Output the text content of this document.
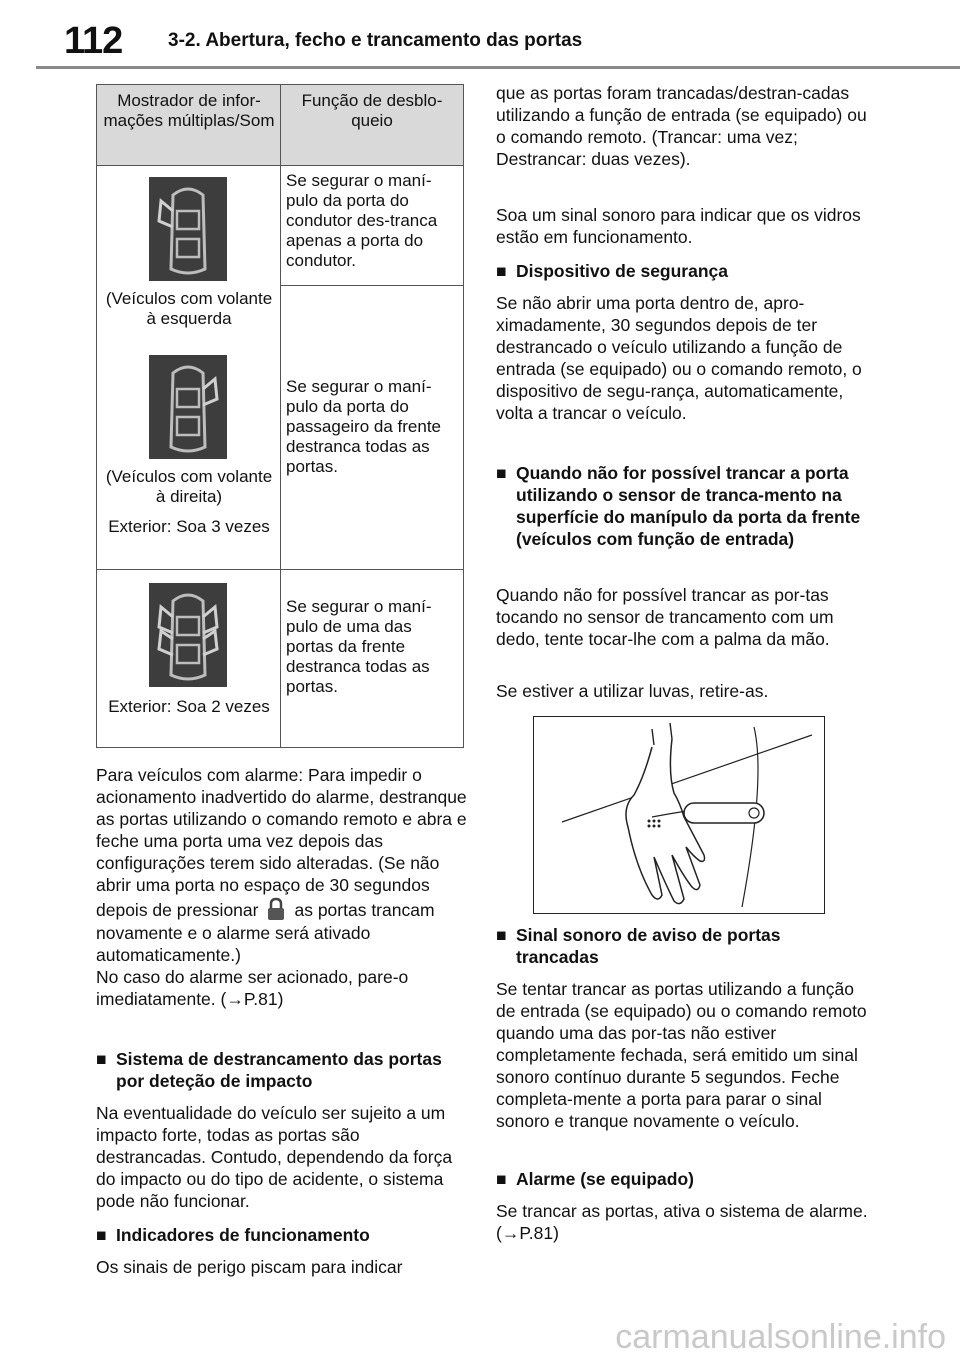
112 3-2. Abertura, fecho e trancamento das portas
Mostrador de infor-mações múltiplas/Som
Função de desblo-queio
(Veículos com volante à esquerda
(Veículos com volante à direita)
Exterior: Soa 3 vezes
Se segurar o maní-pulo da porta do condutor des-tranca apenas a porta do condutor.
Se segurar o maní-pulo da porta do passageiro da frente destranca todas as portas.
Exterior: Soa 2 vezes
Se segurar o maní-pulo de uma das portas da frente destranca todas as portas.
Para veículos com alarme: Para impedir o acionamento inadvertido do alarme, destranque as portas utilizando o comando remoto e abra e feche uma porta uma vez depois das configurações terem sido alteradas. (Se não abrir uma porta no espaço de 30 segundos depois de pressionar as portas trancam novamente e o alarme será ativado automaticamente.)
No caso do alarme ser acionado, pare-o imediatamente. (→P.81)
■ Sistema de destrancamento das portas por deteção de impacto
Na eventualidade do veículo ser sujeito a um impacto forte, todas as portas são destrancadas. Contudo, dependendo da força do impacto ou do tipo de acidente, o sistema pode não funcionar.
■ Indicadores de funcionamento
Os sinais de perigo piscam para indicar
que as portas foram trancadas/destran-cadas utilizando a função de entrada (se equipado) ou o comando remoto. (Trancar: uma vez; Destrancar: duas vezes).
Soa um sinal sonoro para indicar que os vidros estão em funcionamento.
■ Dispositivo de segurança
Se não abrir uma porta dentro de, apro-ximadamente, 30 segundos depois de ter destrancado o veículo utilizando a função de entrada (se equipado) ou o comando remoto, o dispositivo de segu-rança, automaticamente, volta a trancar o veículo.
■ Quando não for possível trancar a porta utilizando o sensor de tranca-mento na superfície do manípulo da porta da frente (veículos com função de entrada)
Quando não for possível trancar as por-tas tocando no sensor de trancamento com um dedo, tente tocar-lhe com a palma da mão.
Se estiver a utilizar luvas, retire-as.
■ Sinal sonoro de aviso de portas trancadas
Se tentar trancar as portas utilizando a função de entrada (se equipado) ou o comando remoto quando uma das por-tas não estiver completamente fechada, será emitido um sinal sonoro contínuo durante 5 segundos. Feche completa-mente a porta para parar o sinal sonoro e tranque novamente o veículo.
■ Alarme (se equipado)
Se trancar as portas, ativa o sistema de alarme. (→P.81)
carmanualsonline.info
